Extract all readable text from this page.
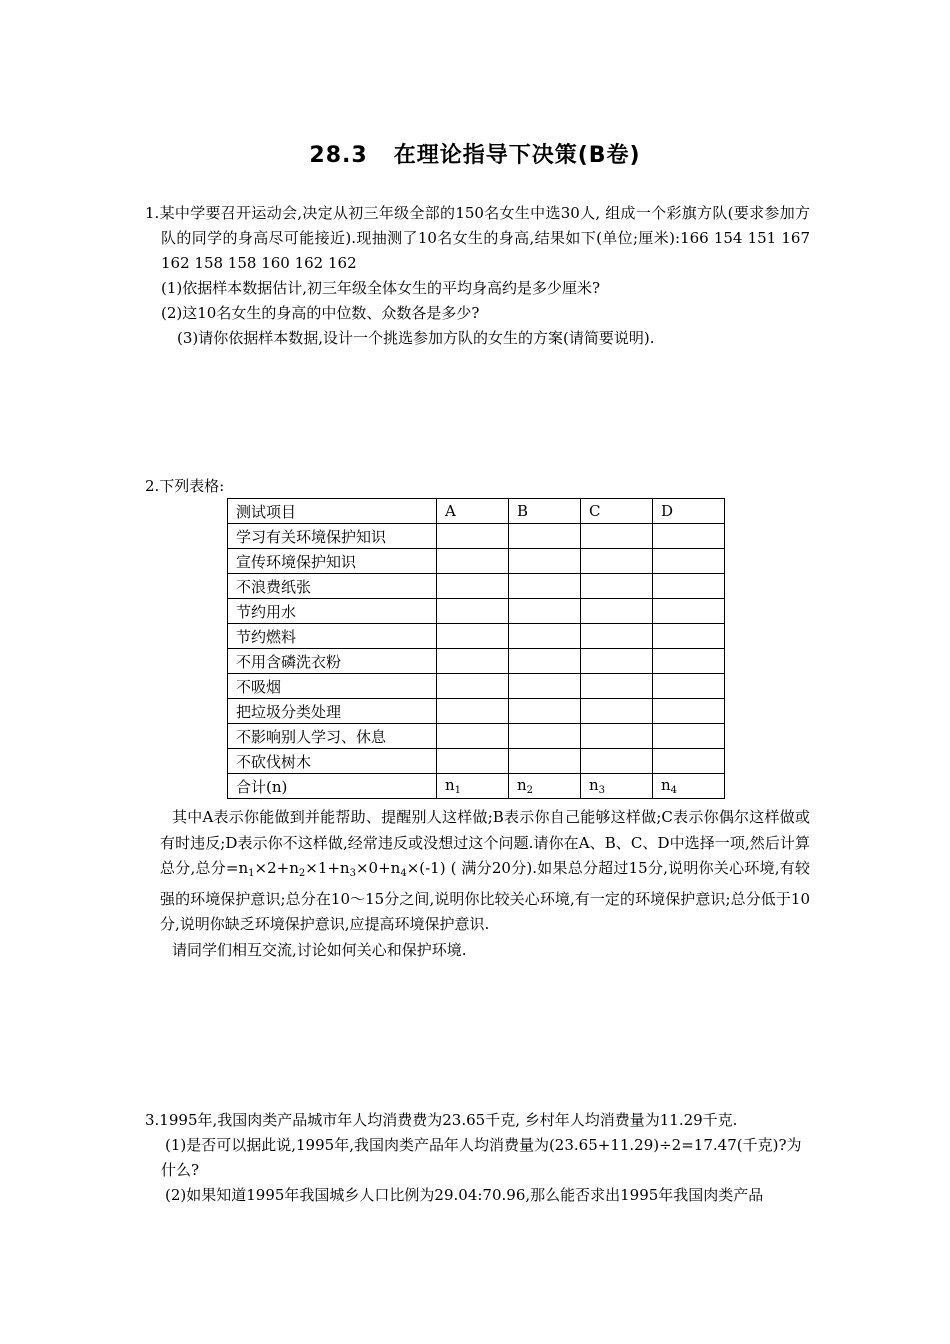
28.3 在理论指导下决策(B卷)
1.某中学要召开运动会,决定从初三年级全部的150名女生中选30人, 组成一个彩旗方队(要求参加方队的同学的身高尽可能接近).现抽测了10名女生的身高,结果如下(单位;厘米):166 154 151 167 162 158 158 160 162 162
(1)依据样本数据估计,初三年级全体女生的平均身高约是多少厘米?
(2)这10名女生的身高的中位数、众数各是多少?
(3)请你依据样本数据,设计一个挑选参加方队的女生的方案(请简要说明).
2.下列表格:
测试项目	A	B	C	D
学习有关环境保护知识				
宣传环境保护知识				
不浪费纸张				
节约用水				
节约燃料				
不用含磷洗衣粉				
不吸烟				
把垃圾分类处理				
不影响别人学习、休息				
不砍伐树木				
合计(n)	$n_1$	$n_2$	$n_3$	$n_4$

其中A表示你能做到并能帮助、提醒别人这样做;B表示你自己能够这样做;C表示你偶尔这样做或有时违反;D表示你不这样做,经常违反或没想过这个问题.请你在A、B、C、D中选择一项,然后计算总分,总分$=n_1\times 2+n_2\times 1+n_3\times 0+n_4\times(-1)$ ( 满分20分).如果总分超过15分,说明你关心环境,有较强的环境保护意识;总分在10～15分之间,说明你比较关心环境,有一定的环境保护意识;总分低于10分,说明你缺乏环境保护意识,应提高环境保护意识.

请同学们相互交流,讨论如何关心和保护环境.

3.1995年,我国肉类产品城市年人均消费费为23.65千克, 乡村年人均消费量为11.29千克.
(1)是否可以据此说,1995年,我国肉类产品年人均消费量为(23.65+11.29)÷2=17.47(千克)?为什么?
(2)如果知道1995年我国城乡人口比例为29.04:70.96,那么能否求出1995年我国肉类产品
